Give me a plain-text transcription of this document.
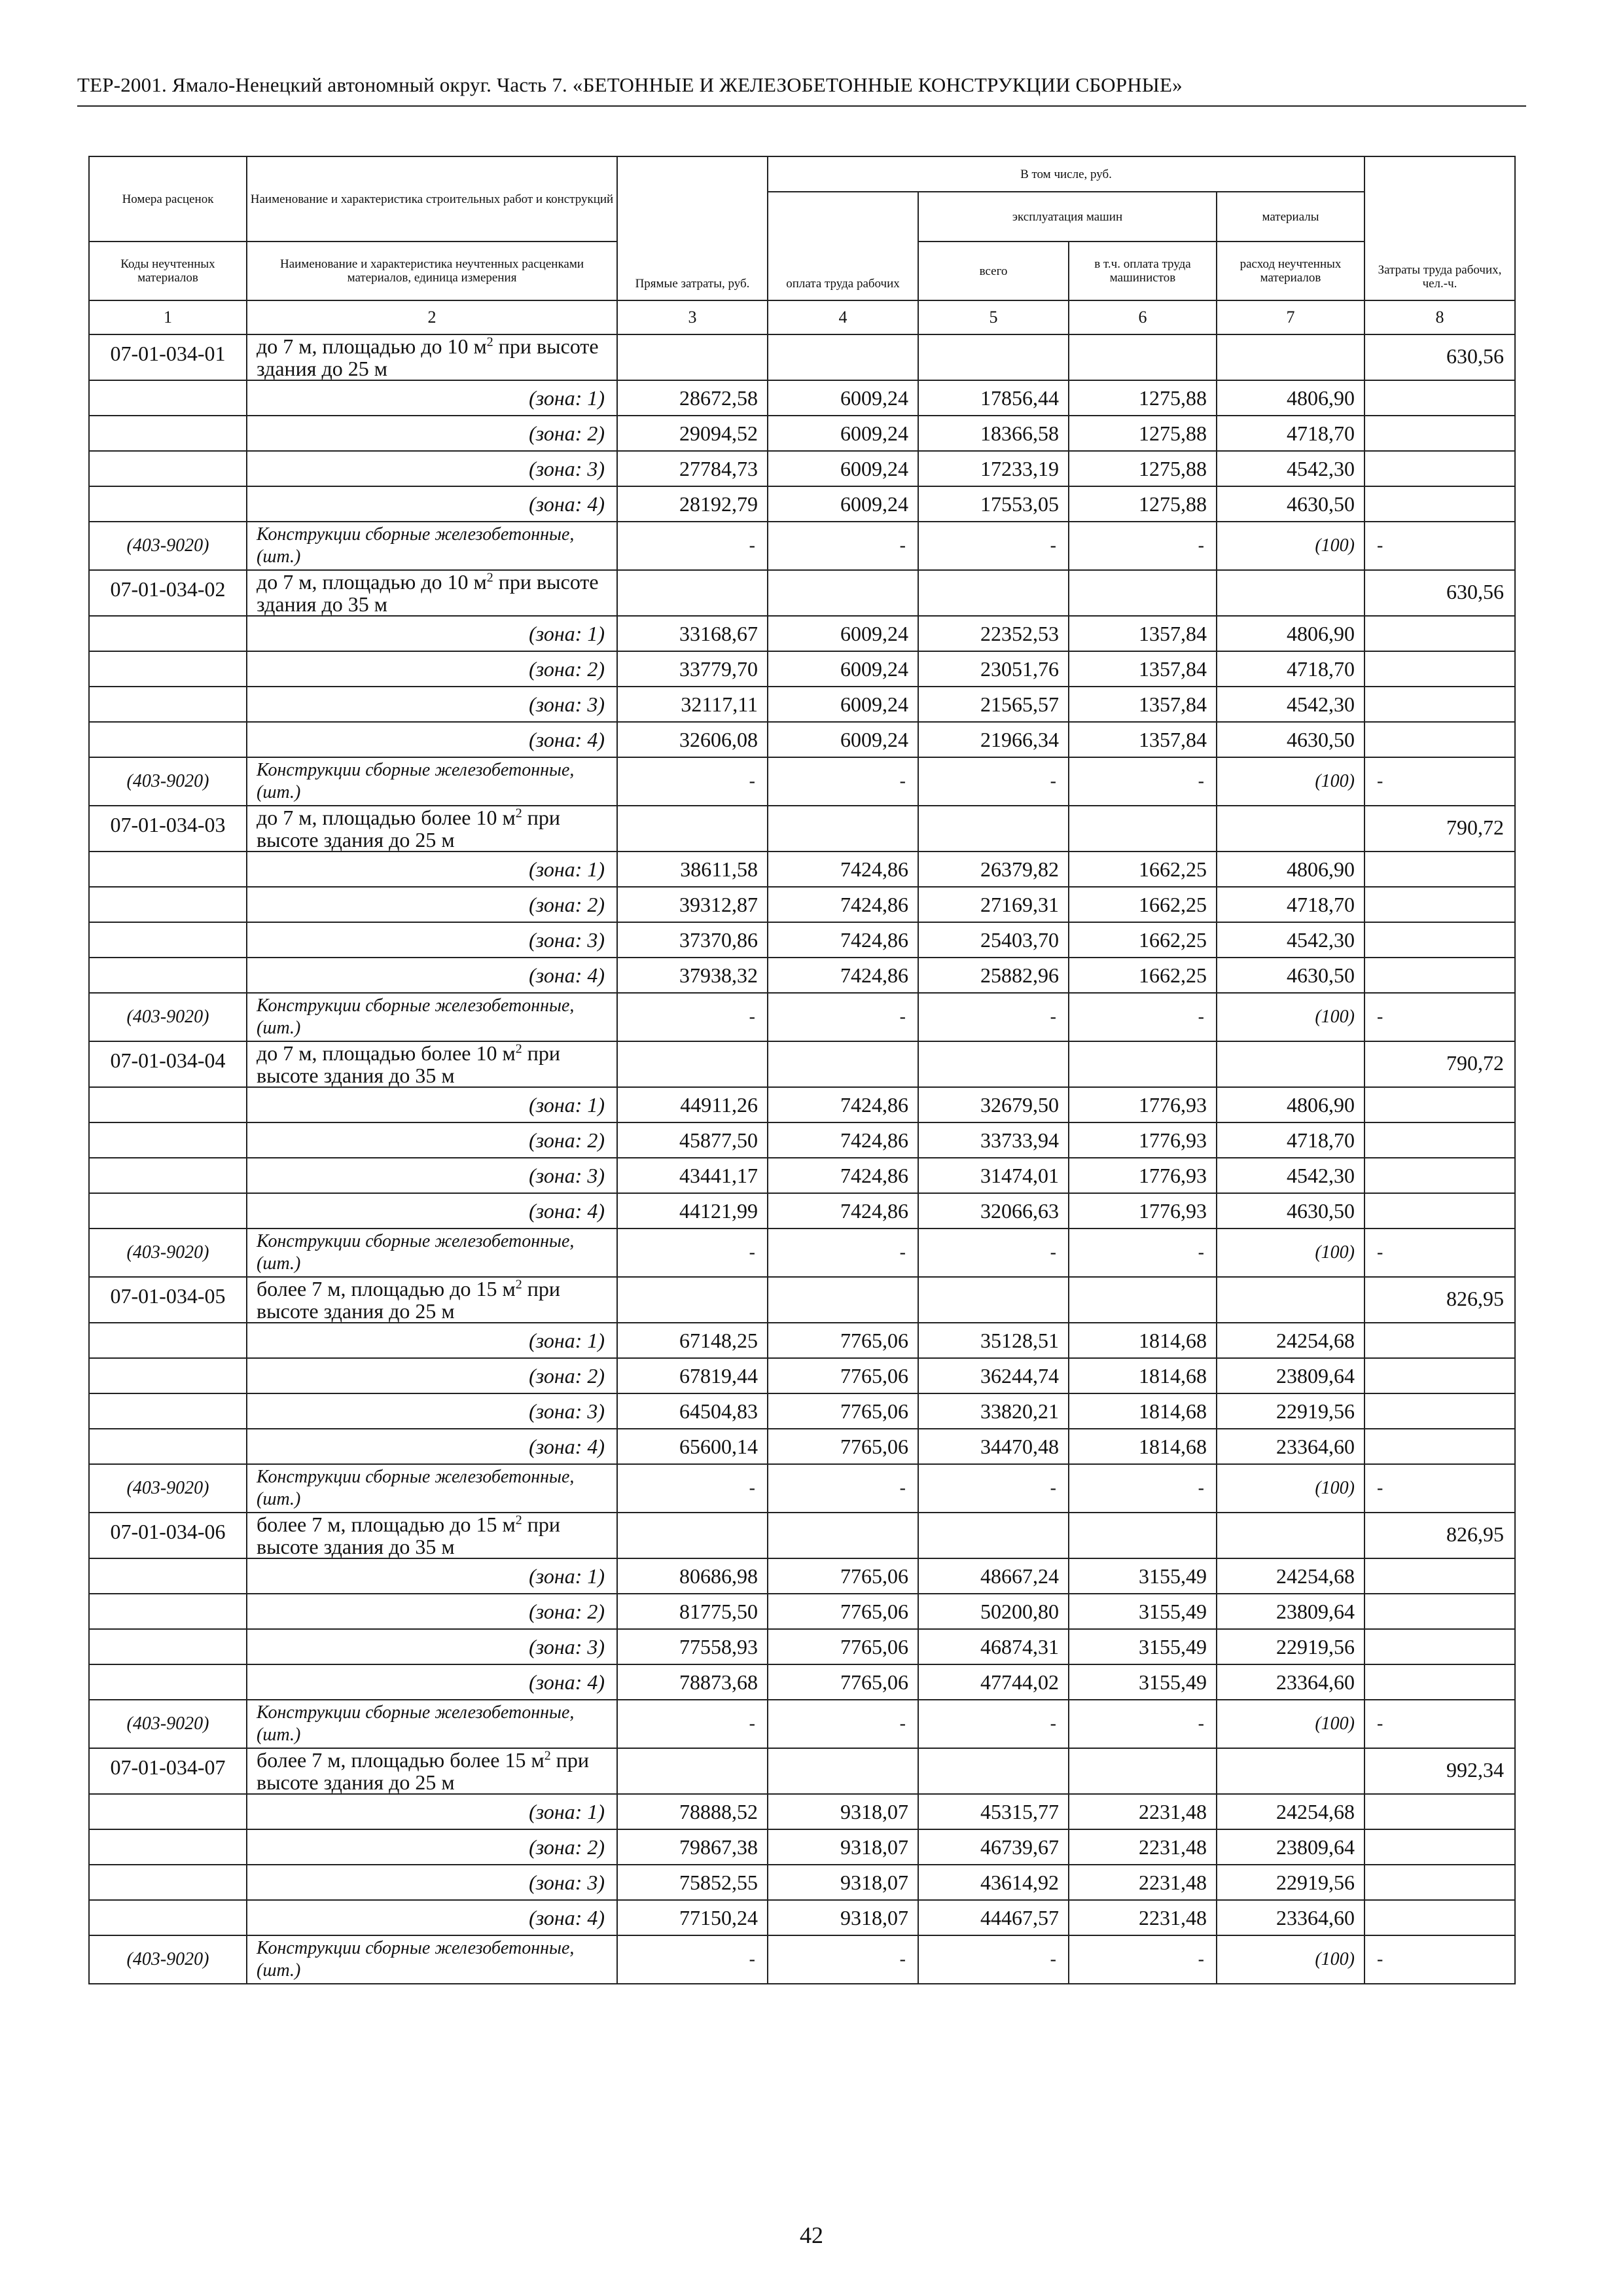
ТЕР-2001. Ямало-Ненецкий автономный округ. Часть 7. «БЕТОННЫЕ И ЖЕЛЕЗОБЕТОННЫЕ КОНСТРУКЦИИ СБОРНЫЕ»
Номера расценок	Наименование и характеристика строительных работ и конструкций	Прямые затраты, руб.	В том числе, руб.				Затраты труда рабочих, чел.-ч.
			оплата труда рабочих	эксплуатация машин		материалы	
Коды неучтенных материалов	Наименование и характеристика неучтенных расценками материалов, единица измерения			всего	в т.ч. оплата труда машинистов	расход неучтенных материалов	
1	2	3	4	5	6	7	8
07-01-034-01	до 7 м, площадью до 10 $м^2$ при высоте здания до 25 м						630,56
	(зона: 1)	28672,58	6009,24	17856,44	1275,88	4806,90	
	(зона: 2)	29094,52	6009,24	18366,58	1275,88	4718,70	
	(зона: 3)	27784,73	6009,24	17233,19	1275,88	4542,30	
	(зона: 4)	28192,79	6009,24	17553,05	1275,88	4630,50	
(403-9020)	Конструкции сборные железобетонные, (шт.)	-	-	-	-	(100)	-
07-01-034-02	до 7 м, площадью до 10 $м^2$ при высоте здания до 35 м						630,56
	(зона: 1)	33168,67	6009,24	22352,53	1357,84	4806,90	
	(зона: 2)	33779,70	6009,24	23051,76	1357,84	4718,70	
	(зона: 3)	32117,11	6009,24	21565,57	1357,84	4542,30	
	(зона: 4)	32606,08	6009,24	21966,34	1357,84	4630,50	
(403-9020)	Конструкции сборные железобетонные, (шт.)	-	-	-	-	(100)	-
07-01-034-03	до 7 м, площадью более 10 $м^2$ при высоте здания до 25 м						790,72
	(зона: 1)	38611,58	7424,86	26379,82	1662,25	4806,90	
	(зона: 2)	39312,87	7424,86	27169,31	1662,25	4718,70	
	(зона: 3)	37370,86	7424,86	25403,70	1662,25	4542,30	
	(зона: 4)	37938,32	7424,86	25882,96	1662,25	4630,50	
(403-9020)	Конструкции сборные железобетонные, (шт.)	-	-	-	-	(100)	-
07-01-034-04	до 7 м, площадью более 10 $м^2$ при высоте здания до 35 м						790,72
	(зона: 1)	44911,26	7424,86	32679,50	1776,93	4806,90	
	(зона: 2)	45877,50	7424,86	33733,94	1776,93	4718,70	
	(зона: 3)	43441,17	7424,86	31474,01	1776,93	4542,30	
	(зона: 4)	44121,99	7424,86	32066,63	1776,93	4630,50	
(403-9020)	Конструкции сборные железобетонные, (шт.)	-	-	-	-	(100)	-
07-01-034-05	более 7 м, площадью до 15 $м^2$ при высоте здания до 25 м						826,95
	(зона: 1)	67148,25	7765,06	35128,51	1814,68	24254,68	
	(зона: 2)	67819,44	7765,06	36244,74	1814,68	23809,64	
	(зона: 3)	64504,83	7765,06	33820,21	1814,68	22919,56	
	(зона: 4)	65600,14	7765,06	34470,48	1814,68	23364,60	
(403-9020)	Конструкции сборные железобетонные, (шт.)	-	-	-	-	(100)	-
07-01-034-06	более 7 м, площадью до 15 $м^2$ при высоте здания до 35 м						826,95
	(зона: 1)	80686,98	7765,06	48667,24	3155,49	24254,68	
	(зона: 2)	81775,50	7765,06	50200,80	3155,49	23809,64	
	(зона: 3)	77558,93	7765,06	46874,31	3155,49	22919,56	
	(зона: 4)	78873,68	7765,06	47744,02	3155,49	23364,60	
(403-9020)	Конструкции сборные железобетонные, (шт.)	-	-	-	-	(100)	-
07-01-034-07	более 7 м, площадью более 15 $м^2$ при высоте здания до 25 м						992,34
	(зона: 1)	78888,52	9318,07	45315,77	2231,48	24254,68	
	(зона: 2)	79867,38	9318,07	46739,67	2231,48	23809,64	
	(зона: 3)	75852,55	9318,07	43614,92	2231,48	22919,56	
	(зона: 4)	77150,24	9318,07	44467,57	2231,48	23364,60	
(403-9020)	Конструкции сборные железобетонные, (шт.)	-	-	-	-	(100)	-
42
